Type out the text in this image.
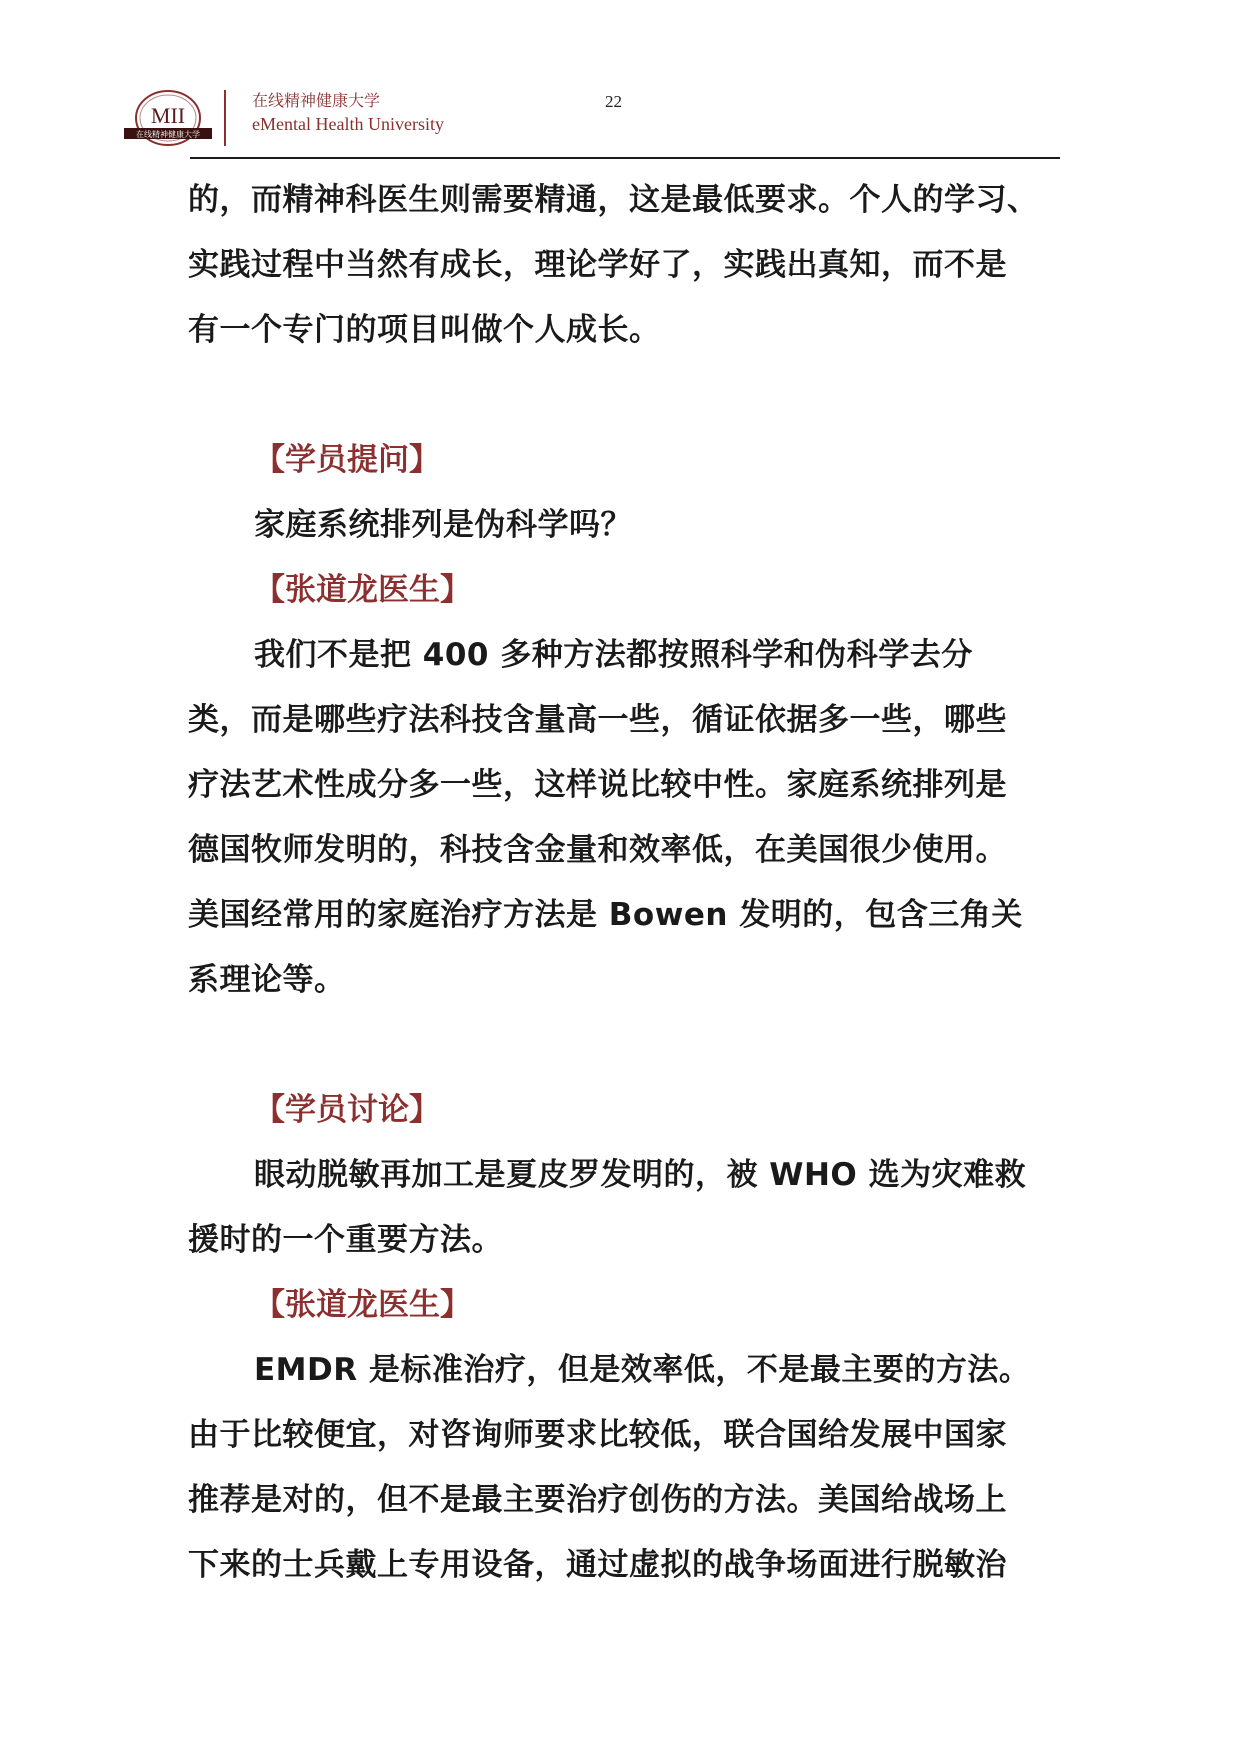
MII
在线精神健康大学
在线精神健康大学
eMental Health University
22

的，而精神科医生则需要精通，这是最低要求。个人的学习、

实践过程中当然有成长，理论学好了，实践出真知，而不是

有一个专门的项目叫做个人成长。

【学员提问】

家庭系统排列是伪科学吗？

【张道龙医生】

我们不是把 400 多种方法都按照科学和伪科学去分

类，而是哪些疗法科技含量高一些，循证依据多一些，哪些

疗法艺术性成分多一些，这样说比较中性。家庭系统排列是

德国牧师发明的，科技含金量和效率低，在美国很少使用。

美国经常用的家庭治疗方法是 Bowen 发明的，包含三角关

系理论等。

【学员讨论】

眼动脱敏再加工是夏皮罗发明的，被 WHO 选为灾难救

援时的一个重要方法。

【张道龙医生】

EMDR 是标准治疗，但是效率低，不是最主要的方法。

由于比较便宜，对咨询师要求比较低，联合国给发展中国家

推荐是对的，但不是最主要治疗创伤的方法。美国给战场上

下来的士兵戴上专用设备，通过虚拟的战争场面进行脱敏治
